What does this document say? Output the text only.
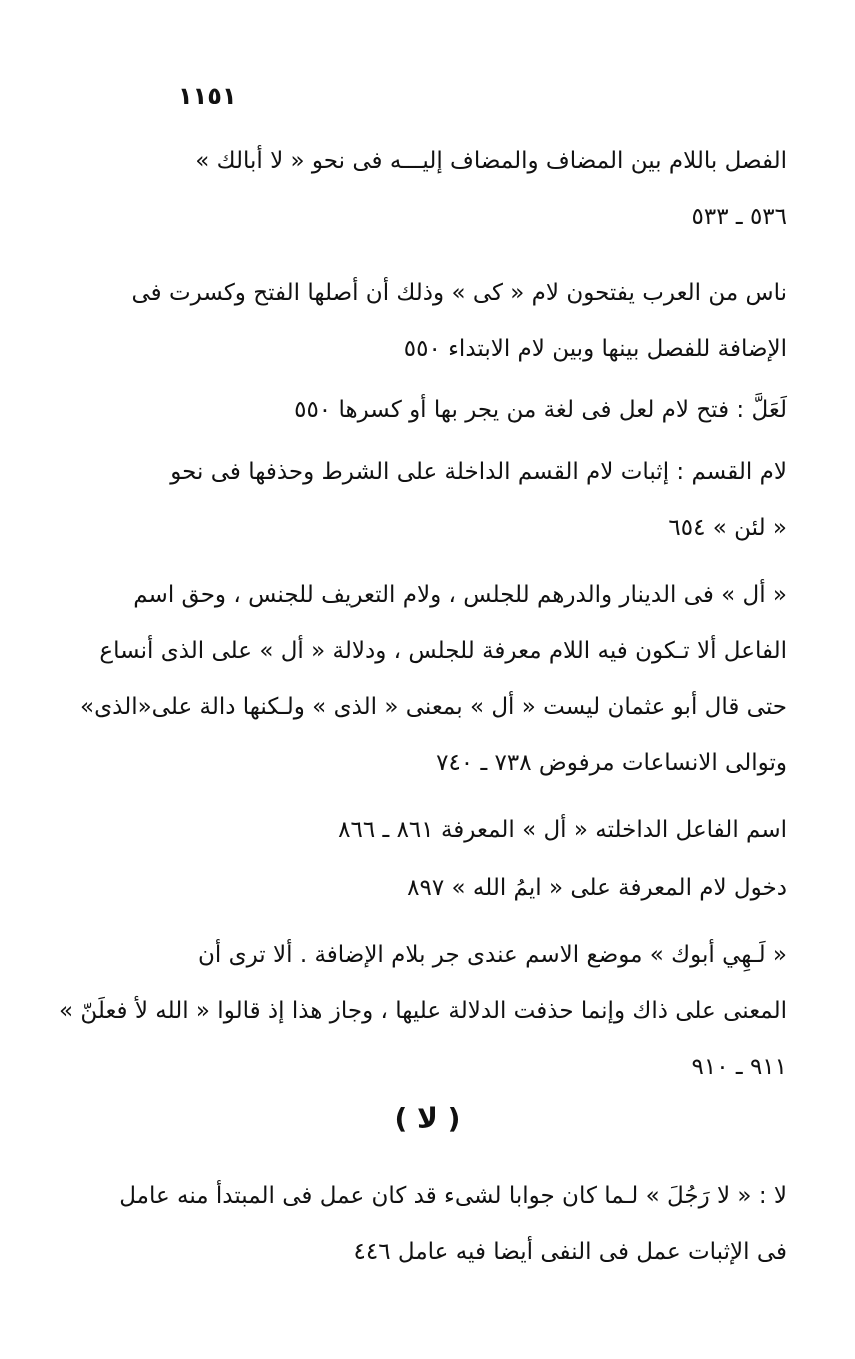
١١٥١
الفصل باللام بين المضاف والمضاف إليـــه فى نحو « لا أبالك »
٥٣٦ ـ ٥٣٣
ناس من العرب يفتحون لام « كى » وذلك أن أصلها الفتح وكسرت فى
الإضافة للفصل بينها وبين لام الابتداء ٥٥٠
لَعَلَّ : فتح لام لعل فى لغة من يجر بها أو كسرها ٥٥٠
لام القسم : إثبات لام القسم الداخلة على الشرط وحذفها فى نحو
« لئن » ٦٥٤
« أل » فى الدينار والدرهم للجلس ، ولام التعريف للجنس ، وحق اسم
الفاعل ألا تـكون فيه اللام معرفة للجلس ، ودلالة « أل » على الذى أنساع
حتى قال أبو عثمان ليست « أل » بمعنى « الذى » ولـكنها دالة على«الذى»
وتوالى الانساعات مرفوض ٧٣٨ ـ ٧٤٠
اسم الفاعل الداخلته « أل » المعرفة ٨٦١ ـ ٨٦٦
دخول لام المعرفة على « ايمُ الله » ٨٩٧
« لَـهِي أبوك » موضع الاسم عندى جر بلام الإضافة . ألا ترى أن
المعنى على ذاك وإنما حذفت الدلالة عليها ، وجاز هذا إذ قالوا « الله لأ فعلَنّ »
٩١١ ـ ٩١٠
( لا )
لا : « لا رَجُلَ » لـما كان جوابا لشىء قد كان عمل فى المبتدأ منه عامل
فى الإثبات عمل فى النفى أيضا فيه عامل ٤٤٦
